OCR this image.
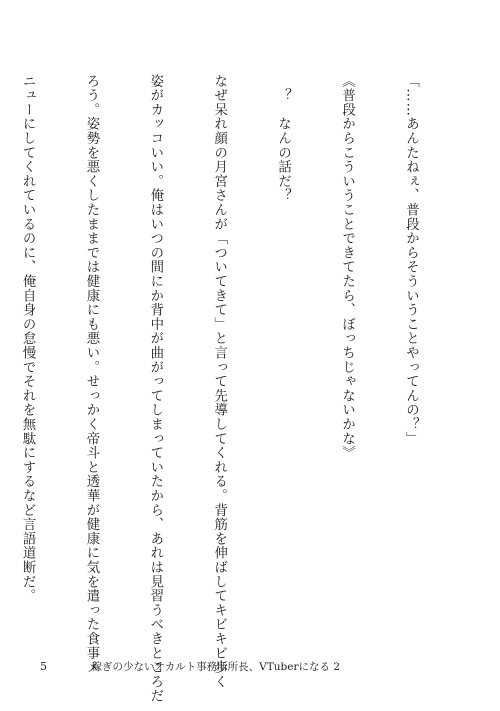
「……あんたねぇ、普段からそういうことやってんの？」

《普段からこういうことできてたら、ぼっちじゃないかな》

　？　なんの話だ？

なぜ呆れ顔の月宮さんが「ついてきて」と言って先導してくれる。背筋を伸ばしてキビキビ歩く

姿がカッコいい。俺はいつの間にか背中が曲がってしまっていたから、あれは見習うべきところだ

ろう。姿勢を悪くしたままでは健康にも悪い。せっかく帝斗と透華が健康に気を遣った食事メ

ニューにしてくれているのに、俺自身の怠慢でそれを無駄にするなど言語道断だ。

5	稼ぎの少ないオカルト事務所所長、VTuberになる 2
